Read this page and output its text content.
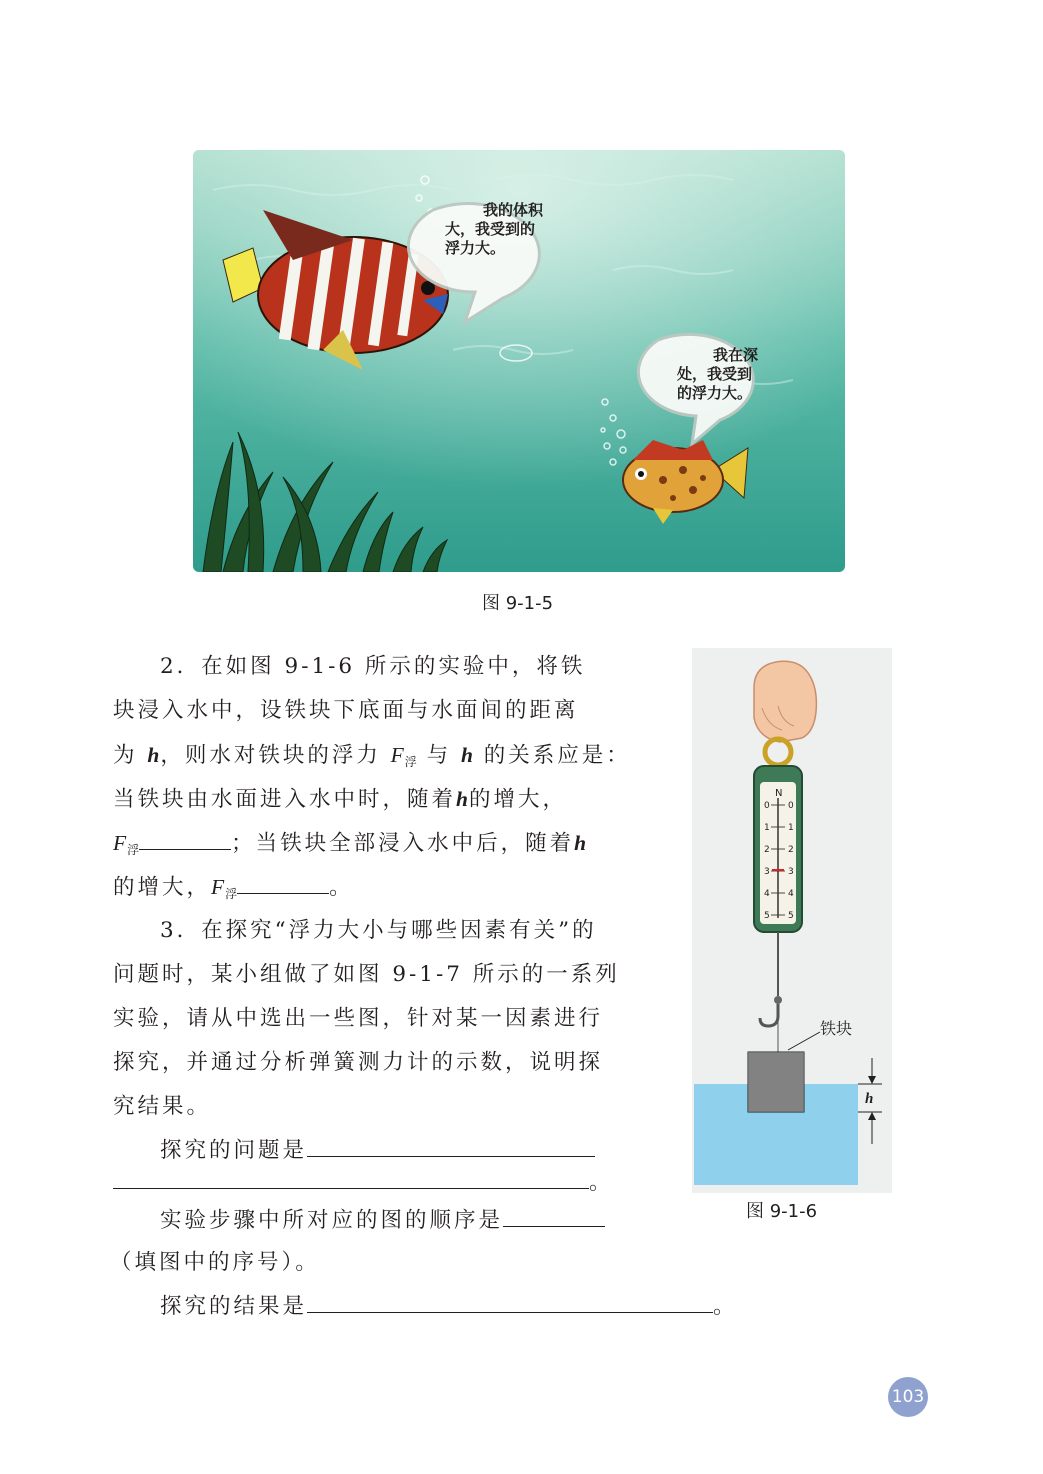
我的体积
大，我受到的
浮力大。
我在深
处，我受到
的浮力大。
图 9-1-5
2．在如图 9-1-6 所示的实验中，将铁
块浸入水中，设铁块下底面与水面间的距离
为 h，则水对铁块的浮力 $F_浮$ 与 h 的关系应是：
当铁块由水面进入水中时，随着h的增大，
$F_浮$	；当铁块全部浸入水中后，随着h
的增大，$F_浮$	。
3．在探究“浮力大小与哪些因素有关”的
问题时，某小组做了如图 9-1-7 所示的一系列
实验，请从中选出一些图，针对某一因素进行
探究，并通过分析弹簧测力计的示数，说明探
究结果。
探究的问题是
。
实验步骤中所对应的图的顺序是
（填图中的序号）。
探究的结果是	。
N
0 0
1 1
2 2
3 3
4 4
5 5
铁块
h
图 9-1-6
103
